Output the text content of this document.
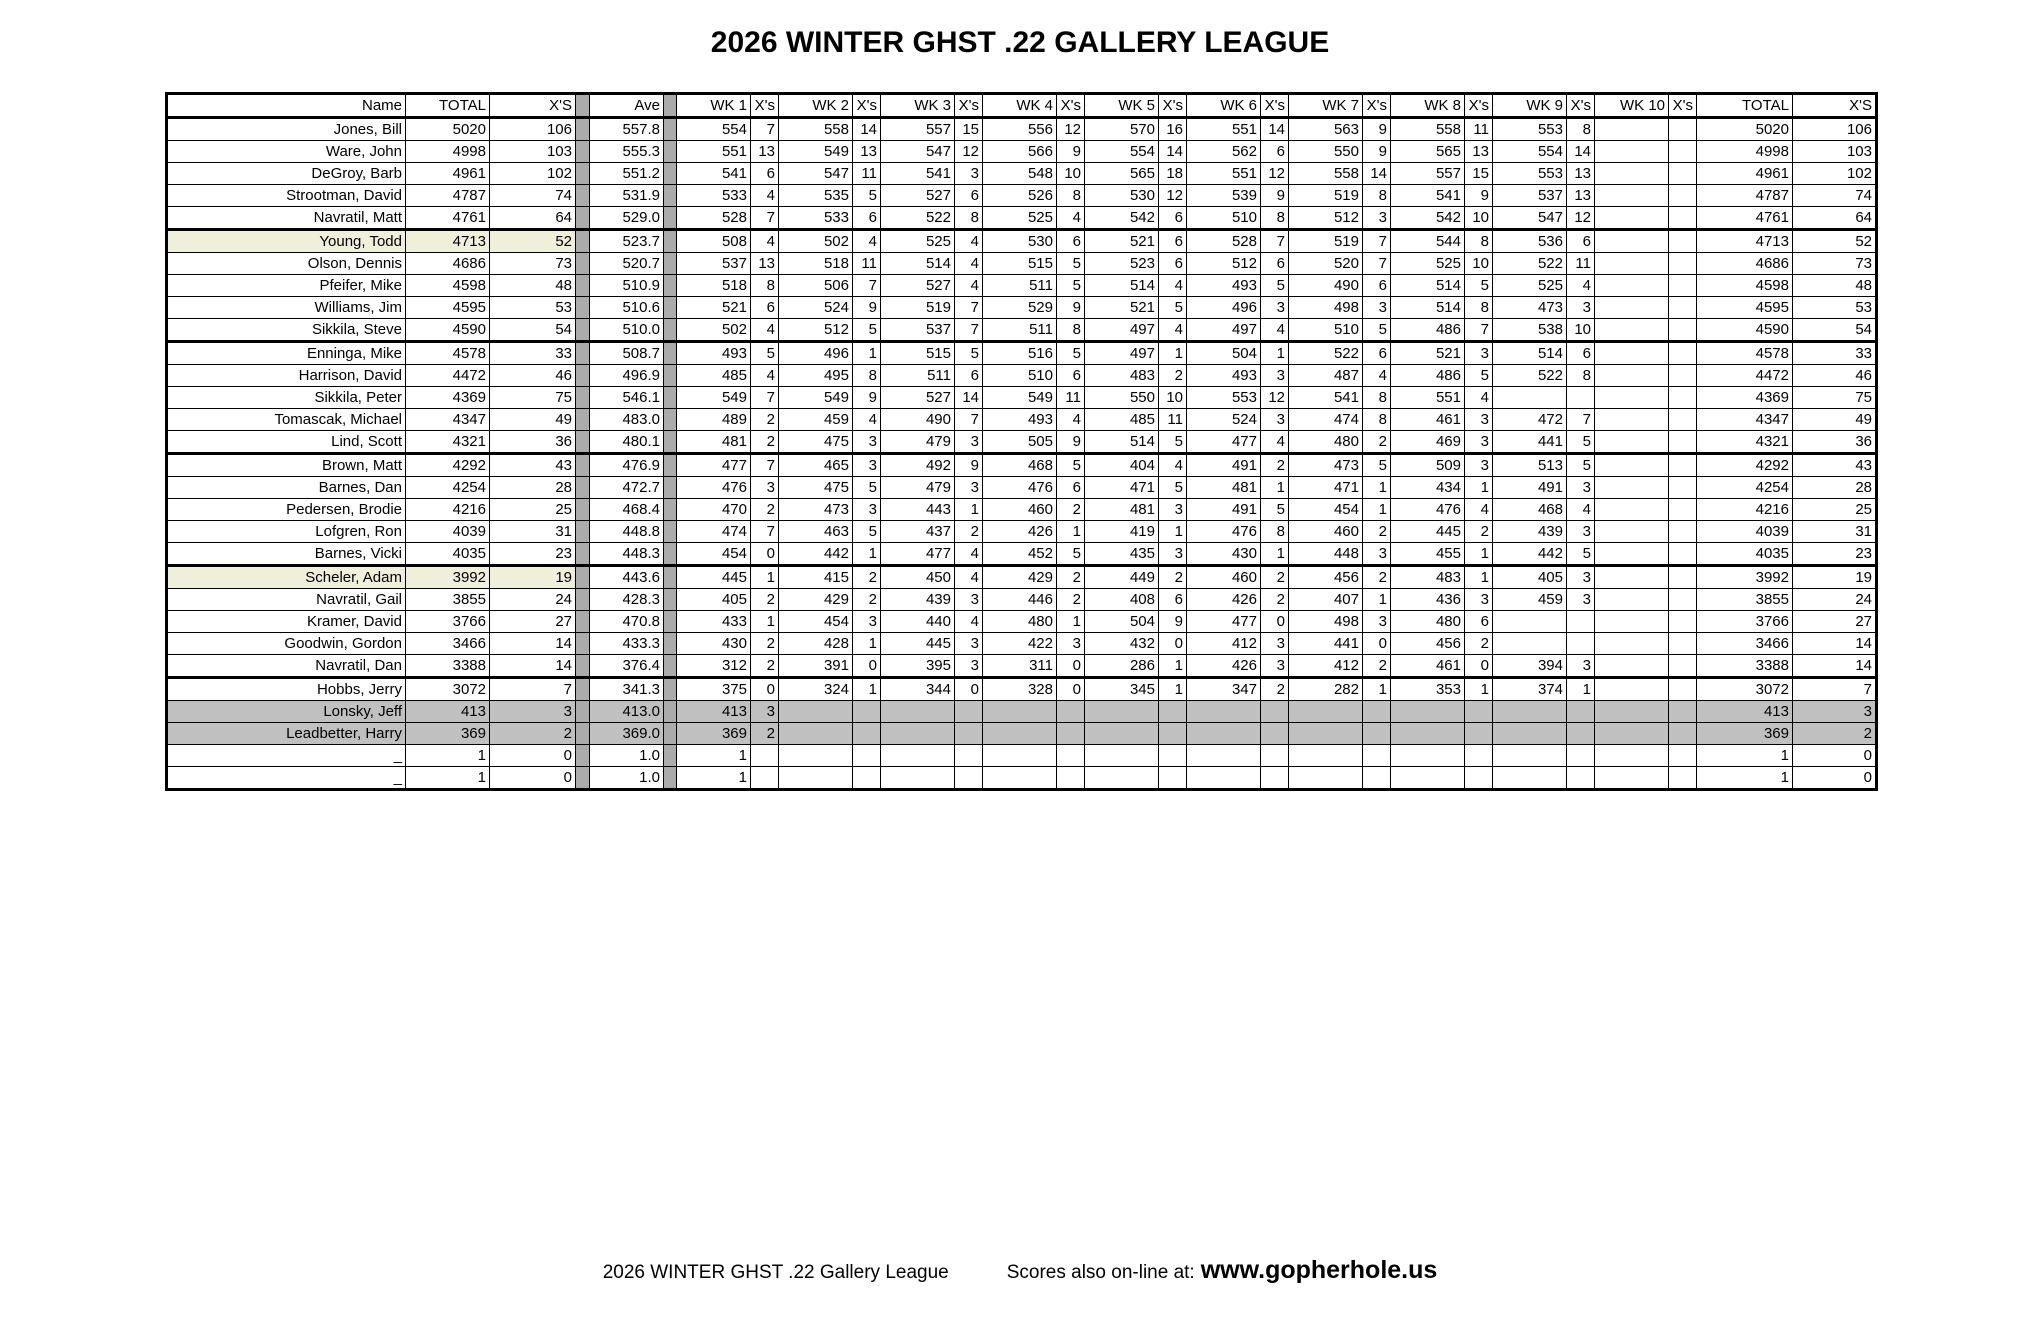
2026 WINTER GHST .22 GALLERY LEAGUE
Name	TOTAL	X'S		Ave		WK 1	X's	WK 2	X's	WK 3	X's	WK 4	X's	WK 5	X's	WK 6	X's	WK 7	X's	WK 8	X's	WK 9	X's	WK 10	X's	TOTAL	X'S
Jones, Bill	5020	106		557.8		554	7	558	14	557	15	556	12	570	16	551	14	563	9	558	11	553	8			5020	106
Ware, John	4998	103		555.3		551	13	549	13	547	12	566	9	554	14	562	6	550	9	565	13	554	14			4998	103
DeGroy, Barb	4961	102		551.2		541	6	547	11	541	3	548	10	565	18	551	12	558	14	557	15	553	13			4961	102
Strootman, David	4787	74		531.9		533	4	535	5	527	6	526	8	530	12	539	9	519	8	541	9	537	13			4787	74
Navratil, Matt	4761	64		529.0		528	7	533	6	522	8	525	4	542	6	510	8	512	3	542	10	547	12			4761	64
Young, Todd	4713	52		523.7		508	4	502	4	525	4	530	6	521	6	528	7	519	7	544	8	536	6			4713	52
Olson, Dennis	4686	73		520.7		537	13	518	11	514	4	515	5	523	6	512	6	520	7	525	10	522	11			4686	73
Pfeifer, Mike	4598	48		510.9		518	8	506	7	527	4	511	5	514	4	493	5	490	6	514	5	525	4			4598	48
Williams, Jim	4595	53		510.6		521	6	524	9	519	7	529	9	521	5	496	3	498	3	514	8	473	3			4595	53
Sikkila, Steve	4590	54		510.0		502	4	512	5	537	7	511	8	497	4	497	4	510	5	486	7	538	10			4590	54
Enninga, Mike	4578	33		508.7		493	5	496	1	515	5	516	5	497	1	504	1	522	6	521	3	514	6			4578	33
Harrison, David	4472	46		496.9		485	4	495	8	511	6	510	6	483	2	493	3	487	4	486	5	522	8			4472	46
Sikkila, Peter	4369	75		546.1		549	7	549	9	527	14	549	11	550	10	553	12	541	8	551	4					4369	75
Tomascak, Michael	4347	49		483.0		489	2	459	4	490	7	493	4	485	11	524	3	474	8	461	3	472	7			4347	49
Lind, Scott	4321	36		480.1		481	2	475	3	479	3	505	9	514	5	477	4	480	2	469	3	441	5			4321	36
Brown, Matt	4292	43		476.9		477	7	465	3	492	9	468	5	404	4	491	2	473	5	509	3	513	5			4292	43
Barnes, Dan	4254	28		472.7		476	3	475	5	479	3	476	6	471	5	481	1	471	1	434	1	491	3			4254	28
Pedersen, Brodie	4216	25		468.4		470	2	473	3	443	1	460	2	481	3	491	5	454	1	476	4	468	4			4216	25
Lofgren, Ron	4039	31		448.8		474	7	463	5	437	2	426	1	419	1	476	8	460	2	445	2	439	3			4039	31
Barnes, Vicki	4035	23		448.3		454	0	442	1	477	4	452	5	435	3	430	1	448	3	455	1	442	5			4035	23
Scheler, Adam	3992	19		443.6		445	1	415	2	450	4	429	2	449	2	460	2	456	2	483	1	405	3			3992	19
Navratil, Gail	3855	24		428.3		405	2	429	2	439	3	446	2	408	6	426	2	407	1	436	3	459	3			3855	24
Kramer, David	3766	27		470.8		433	1	454	3	440	4	480	1	504	9	477	0	498	3	480	6					3766	27
Goodwin, Gordon	3466	14		433.3		430	2	428	1	445	3	422	3	432	0	412	3	441	0	456	2					3466	14
Navratil, Dan	3388	14		376.4		312	2	391	0	395	3	311	0	286	1	426	3	412	2	461	0	394	3			3388	14
Hobbs, Jerry	3072	7		341.3		375	0	324	1	344	0	328	0	345	1	347	2	282	1	353	1	374	1			3072	7
Lonsky, Jeff	413	3		413.0		413	3																			413	3
Leadbetter, Harry	369	2		369.0		369	2																			369	2
_	1	0		1.0		1																				1	0
_	1	0		1.0		1																				1	0
2026 WINTER GHST .22 Gallery League	Scores also on-line at: www.gopherhole.us
